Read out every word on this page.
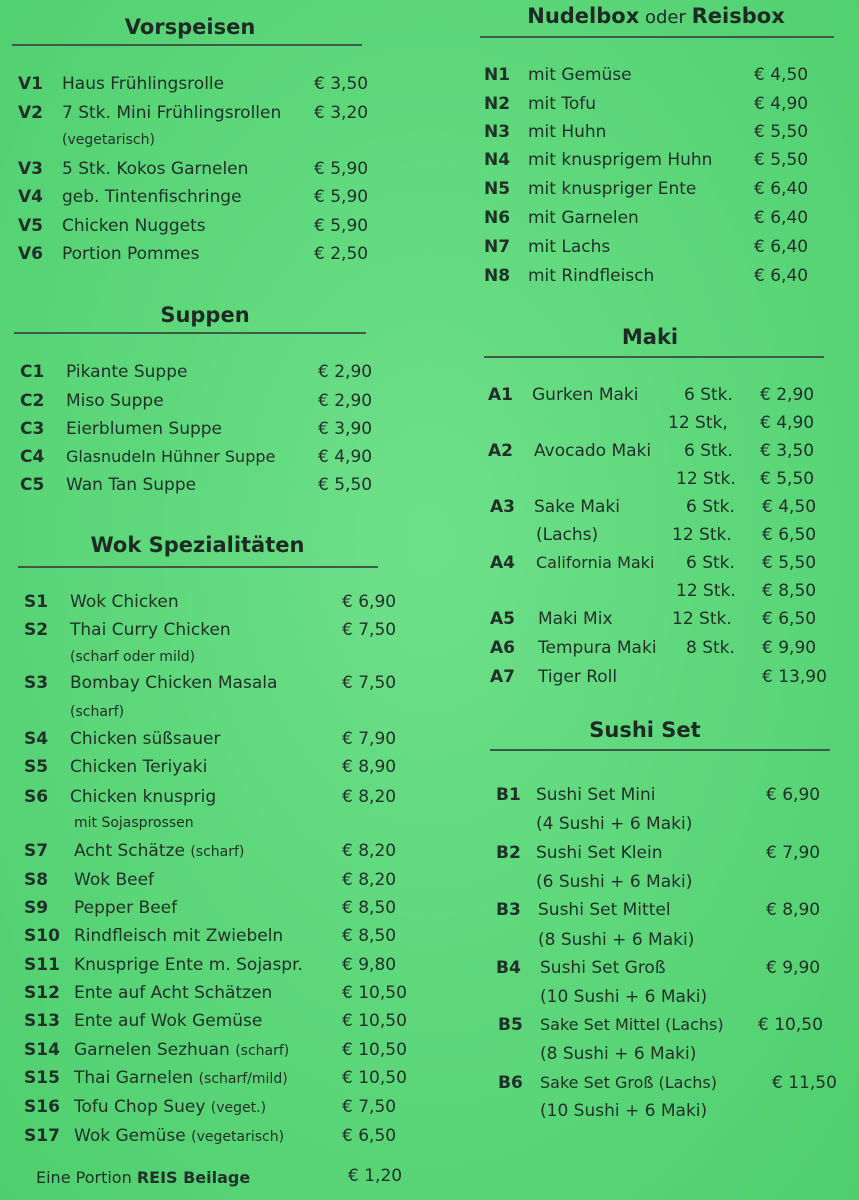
Vorspeisen
V1 Haus Frühlingsrolle	€ 3,50
V2 7 Stk. Mini Frühlingsrollen € 3,20
(vegetarisch)
V3 5 Stk. Kokos Garnelen	€ 5,90
V4 geb. Tintenfischringe	€ 5,90
V5 Chicken Nuggets	€ 5,90
V6 Portion Pommes	€ 2,50
Suppen
C1 Pikante Suppe	€ 2,90
C2 Miso Suppe	€ 2,90
C3 Eierblumen Suppe	€ 3,90
C4 Glasnudeln Hühner Suppe	€ 4,90
C5 Wan Tan Suppe	€ 5,50
Wok Spezialitäten
S1 Wok Chicken	€ 6,90
S2 Thai Curry Chicken	€ 7,50
(scharf oder mild)
S3 Bombay Chicken Masala	€ 7,50
(scharf)
S4 Chicken süßsauer	€ 7,90
S5 Chicken Teriyaki	€ 8,90
S6 Chicken knusprig	€ 8,20
mit Sojasprossen
S7 Acht Schätze (scharf)	€ 8,20
S8 Wok Beef	€ 8,20
S9 Pepper Beef	€ 8,50
S10 Rindfleisch mit Zwiebeln	€ 8,50
S11 Knusprige Ente m. Sojaspr. € 9,80
S12 Ente auf Acht Schätzen	€ 10,50
S13 Ente auf Wok Gemüse	€ 10,50
S14 Garnelen Sezhuan (scharf)	€ 10,50
S15 Thai Garnelen (scharf/mild)	€ 10,50
S16 Tofu Chop Suey (veget.)	€ 7,50
S17 Wok Gemüse (vegetarisch)	€ 6,50
Eine Portion REIS Beilage	€ 1,20
Nudelbox oder Reisbox
N1 mit Gemüse	€ 4,50
N2 mit Tofu	€ 4,90
N3 mit Huhn	€ 5,50
N4 mit knusprigem Huhn € 5,50
N5 mit knuspriger Ente	€ 6,40
N6 mit Garnelen	€ 6,40
N7 mit Lachs	€ 6,40
N8 mit Rindfleisch	€ 6,40
Maki
A1 Gurken Maki	6 Stk. € 2,90
12 Stk, € 4,90
A2 Avocado Maki 6 Stk. € 3,50
12 Stk. € 5,50
A3 Sake Maki	6 Stk. € 4,50
(Lachs)	12 Stk. € 6,50
A4 California Maki 6 Stk. € 5,50
12 Stk. € 8,50
A5 Maki Mix	12 Stk. € 6,50
A6 Tempura Maki 8 Stk. € 9,90
A7 Tiger Roll	€ 13,90
Sushi Set
B1 Sushi Set Mini	€ 6,90
(4 Sushi + 6 Maki)
B2 Sushi Set Klein	€ 7,90
(6 Sushi + 6 Maki)
B3 Sushi Set Mittel	€ 8,90
(8 Sushi + 6 Maki)
B4 Sushi Set Groß	€ 9,90
(10 Sushi + 6 Maki)
B5 Sake Set Mittel (Lachs) € 10,50
(8 Sushi + 6 Maki)
B6 Sake Set Groß (Lachs)	€ 11,50
(10 Sushi + 6 Maki)
